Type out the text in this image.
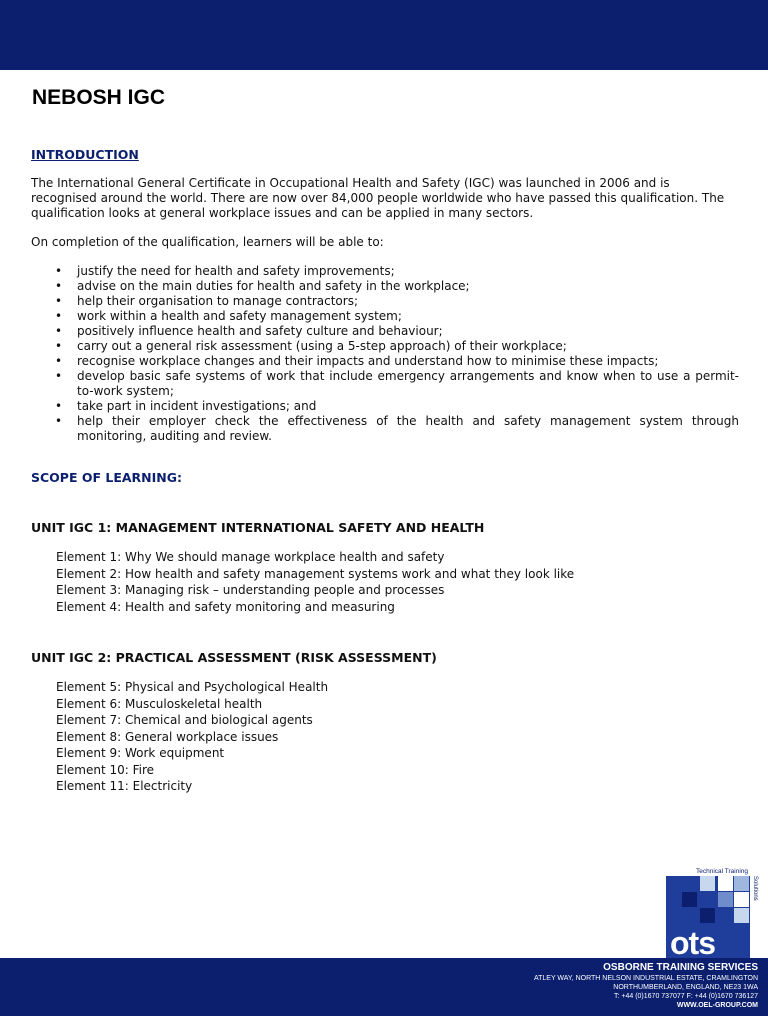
NEBOSH IGC
INTRODUCTION

The International General Certificate in Occupational Health and Safety (IGC) was launched in 2006 and is recognised around the world. There are now over 84,000 people worldwide who have passed this qualification. The qualification looks at general workplace issues and can be applied in many sectors.

On completion of the qualification, learners will be able to:

• justify the need for health and safety improvements;
• advise on the main duties for health and safety in the workplace;
• help their organisation to manage contractors;
• work within a health and safety management system;
• positively influence health and safety culture and behaviour;
• carry out a general risk assessment (using a 5-step approach) of their workplace;
• recognise workplace changes and their impacts and understand how to minimise these impacts;
• develop basic safe systems of work that include emergency arrangements and know when to use a permit-to-work system;
• take part in incident investigations; and
• help their employer check the effectiveness of the health and safety management system through monitoring, auditing and review.
SCOPE OF LEARNING:
UNIT IGC 1: MANAGEMENT INTERNATIONAL SAFETY AND HEALTH
Element 1: Why We should manage workplace health and safety
Element 2: How health and safety management systems work and what they look like
Element 3: Managing risk – understanding people and processes
Element 4: Health and safety monitoring and measuring
UNIT IGC 2: PRACTICAL ASSESSMENT (RISK ASSESSMENT)
Element 5: Physical and Psychological Health
Element 6: Musculoskeletal health
Element 7: Chemical and biological agents
Element 8: General workplace issues
Element 9: Work equipment
Element 10: Fire
Element 11: Electricity
Technical Training
Solutions
ots
OSBORNE TRAINING SERVICES
ATLEY WAY, NORTH NELSON INDUSTRIAL ESTATE, CRAMLINGTON
NORTHUMBERLAND, ENGLAND, NE23 1WA
T: +44 (0)1670 737077 F: +44 (0)1670 736127
WWW.OEL-GROUP.COM
